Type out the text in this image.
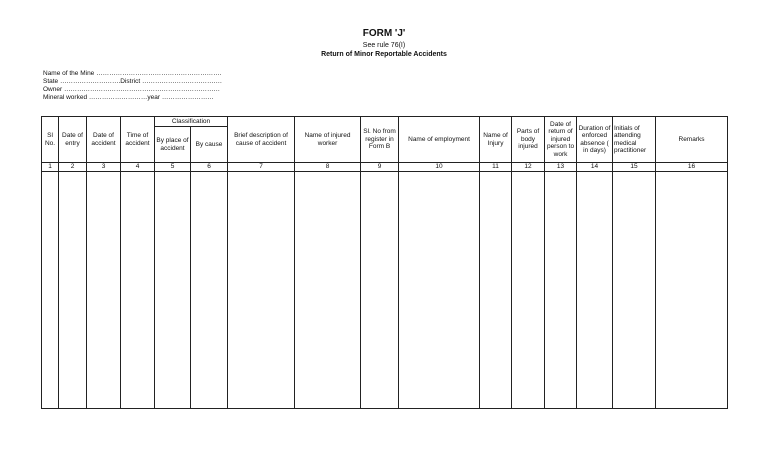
FORM 'J'
See rule 76(I)
Return of Minor Reportable Accidents
Name of the Mine ………………………………………………….
State ……………………….District ……………………………….
Owner ………………………………………………………………
Mineral worked ………………………year ……………………
Sl No.	Date of entry	Date of accident	Time of accident	Classification		Brief description of cause of accident	Name of injured worker	Sl. No from register in Form B	Name of employment	Name of Injury	Parts of body injured	Date of return of injured person to work	Duration of enforced absence ( in days)	Initials of attending medical practitioner	Remarks
				By place of accident	By cause										
1	2	3	4	5	6	7	8	9	10	11	12	13	14	15	16
